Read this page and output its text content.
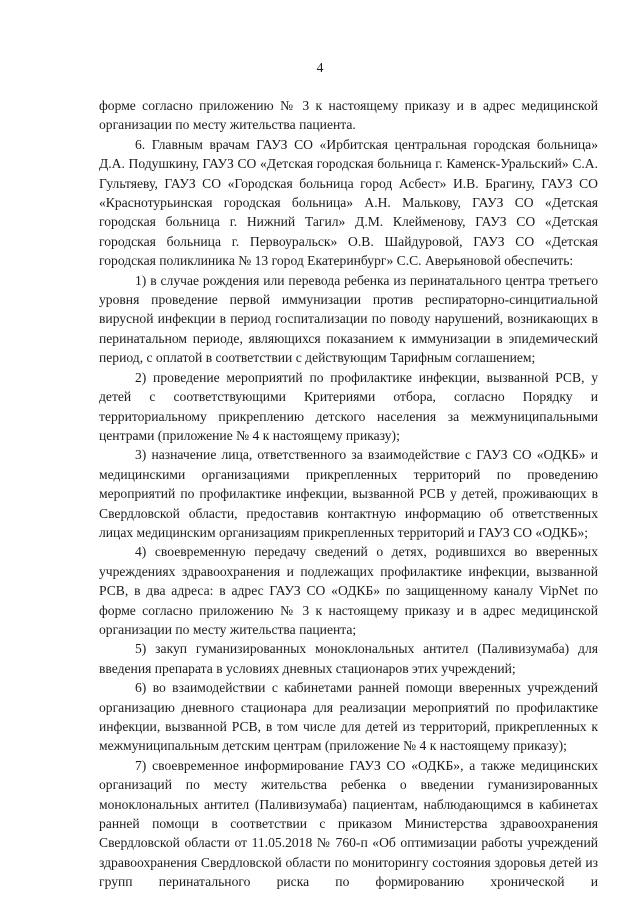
4

форме согласно приложению № 3 к настоящему приказу и в адрес медицинской организации по месту жительства пациента.

6. Главным врачам ГАУЗ СО «Ирбитская центральная городская больница» Д.А. Подушкину, ГАУЗ СО «Детская городская больница г. Каменск-Уральский» С.А. Гультяеву, ГАУЗ СО «Городская больница город Асбест» И.В. Брагину, ГАУЗ СО «Краснотурьинская городская больница» А.Н. Малькову, ГАУЗ СО «Детская городская больница г. Нижний Тагил» Д.М. Клейменову, ГАУЗ СО «Детская городская больница г. Первоуральск» О.В. Шайдуровой, ГАУЗ СО «Детская городская поликлиника № 13 город Екатеринбург» С.С. Аверьяновой обеспечить:

1) в случае рождения или перевода ребенка из перинатального центра третьего уровня проведение первой иммунизации против респираторно-синцитиальной вирусной инфекции в период госпитализации по поводу нарушений, возникающих в перинатальном периоде, являющихся показанием к иммунизации в эпидемический период, с оплатой в соответствии с действующим Тарифным соглашением;

2) проведение мероприятий по профилактике инфекции, вызванной РСВ, у детей с соответствующими Критериями отбора, согласно Порядку и территориальному прикреплению детского населения за межмуниципальными центрами (приложение № 4 к настоящему приказу);

3) назначение лица, ответственного за взаимодействие с ГАУЗ СО «ОДКБ» и медицинскими организациями прикрепленных территорий по проведению мероприятий по профилактике инфекции, вызванной РСВ у детей, проживающих в Свердловской области, предоставив контактную информацию об ответственных лицах медицинским организациям прикрепленных территорий и ГАУЗ СО «ОДКБ»;

4) своевременную передачу сведений о детях, родившихся во вверенных учреждениях здравоохранения и подлежащих профилактике инфекции, вызванной РСВ, в два адреса: в адрес ГАУЗ СО «ОДКБ» по защищенному каналу VipNet по форме согласно приложению № 3 к настоящему приказу и в адрес медицинской организации по месту жительства пациента;

5) закуп гуманизированных моноклональных антител (Паливизумаба) для введения препарата в условиях дневных стационаров этих учреждений;

6) во взаимодействии с кабинетами ранней помощи вверенных учреждений организацию дневного стационара для реализации мероприятий по профилактике инфекции, вызванной РСВ, в том числе для детей из территорий, прикрепленных к межмуниципальным детским центрам (приложение № 4 к настоящему приказу);

7) своевременное информирование ГАУЗ СО «ОДКБ», а также медицинских организаций по месту жительства ребенка о введении гуманизированных моноклональных антител (Паливизумаба) пациентам, наблюдающимся в кабинетах ранней помощи в соответствии с приказом Министерства здравоохранения Свердловской области от 11.05.2018 № 760-п «Об оптимизации работы учреждений здравоохранения Свердловской области по мониторингу состояния здоровья детей из групп перинатального риска по формированию хронической и
